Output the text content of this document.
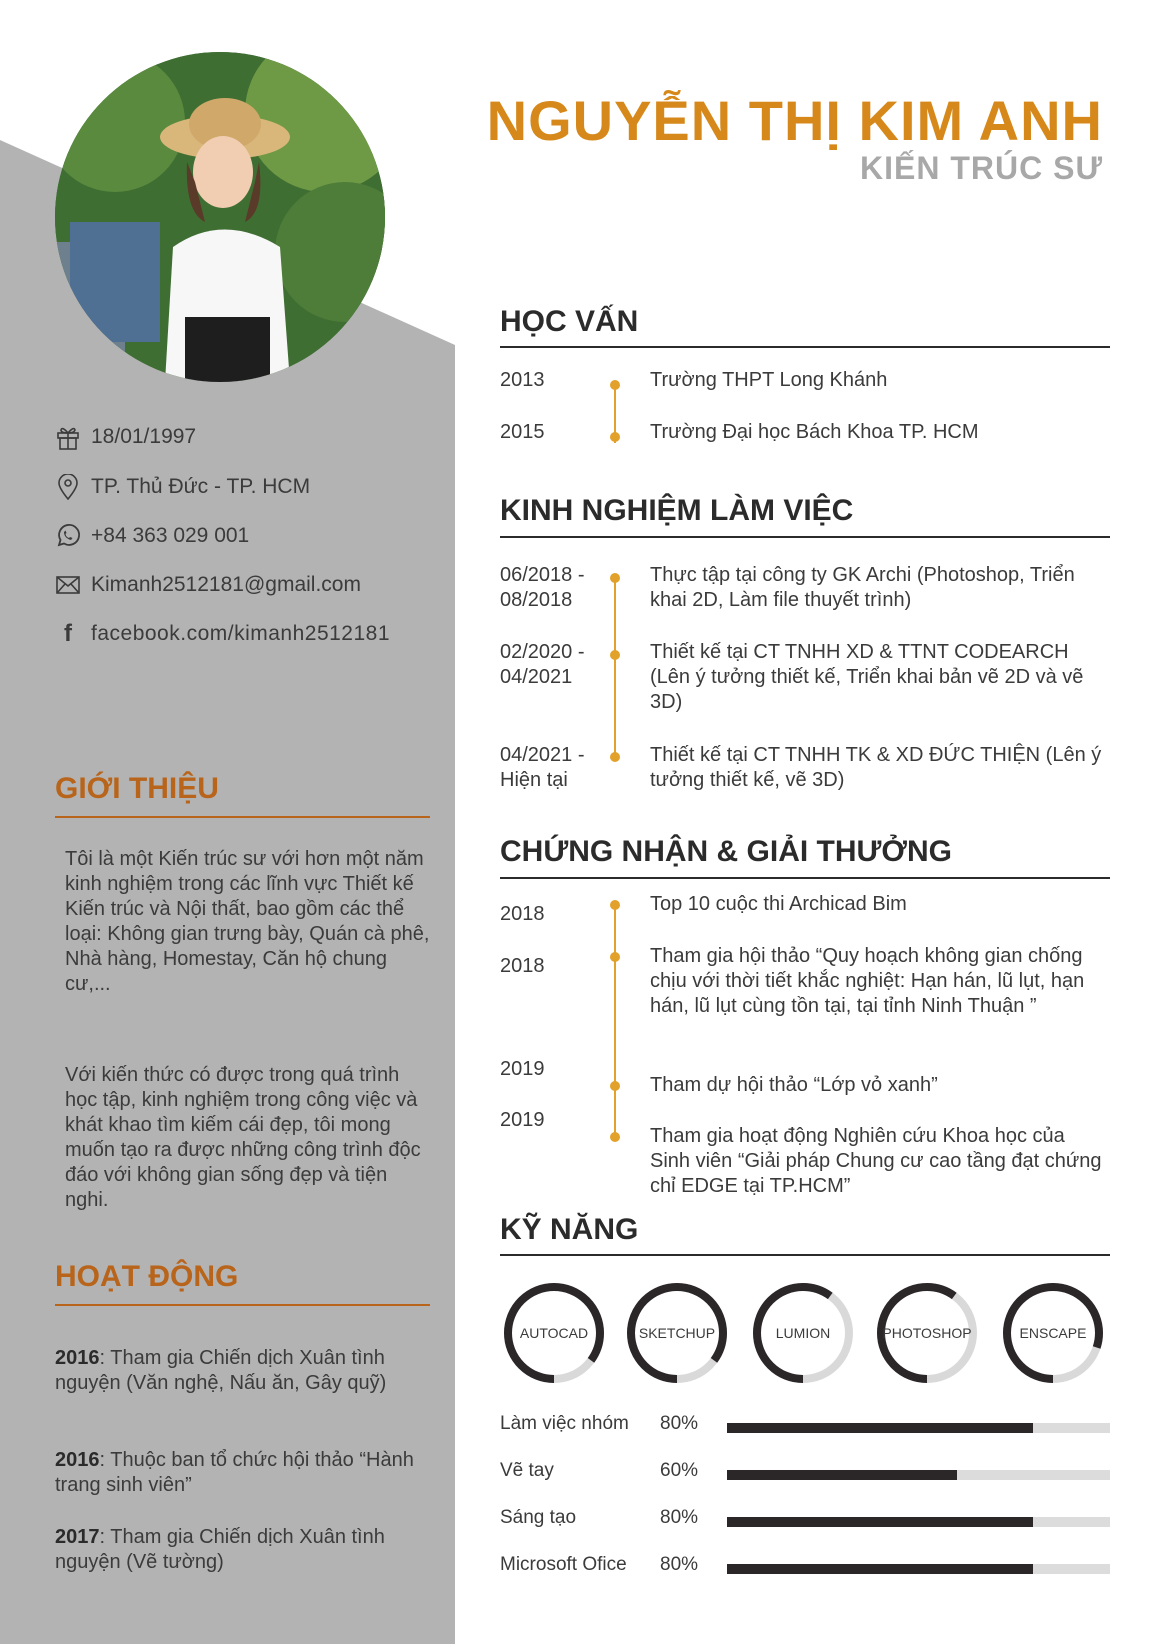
NGUYỄN THỊ KIM ANH
KIẾN TRÚC SƯ
18/01/1997
TP. Thủ Đức - TP. HCM
+84 363 029 001
Kimanh2512181@gmail.com
f facebook.com/kimanh2512181
GIỚI THIỆU
Tôi là một Kiến trúc sư với hơn một năm kinh nghiệm trong các lĩnh vực Thiết kế Kiến trúc và Nội thất, bao gồm các thể loại: Không gian trưng bày, Quán cà phê, Nhà hàng, Homestay, Căn hộ chung cư,...
Với kiến thức có được trong quá trình học tập, kinh nghiệm trong công việc và khát khao tìm kiếm cái đẹp, tôi mong muốn tạo ra được những công trình độc đáo với không gian sống đẹp và tiện nghi.
HOẠT ĐỘNG
2016: Tham gia Chiến dịch Xuân tình nguyện (Văn nghệ, Nấu ăn, Gây quỹ)
2016: Thuộc ban tổ chức hội thảo “Hành trang sinh viên”
2017: Tham gia Chiến dịch Xuân tình nguyện (Vẽ tường)
HỌC VẤN
2013	Trường THPT Long Khánh
2015	Trường Đại học Bách Khoa TP. HCM
KINH NGHIỆM LÀM VIỆC
06/2018 - 08/2018
Thực tập tại công ty GK Archi (Photoshop, Triển khai 2D, Làm file thuyết trình)
02/2020 - 04/2021
Thiết kế tại CT TNHH XD & TTNT CODEARCH (Lên ý tưởng thiết kế, Triển khai bản vẽ 2D và vẽ 3D)
04/2021 - Hiện tại
Thiết kế tại CT TNHH TK & XD ĐỨC THIỆN (Lên ý tưởng thiết kế, vẽ 3D)
CHỨNG NHẬN & GIẢI THƯỞNG
2018	Top 10 cuộc thi Archicad Bim
2018	Tham gia hội thảo “Quy hoạch không gian chống chịu với thời tiết khắc nghiệt: Hạn hán, lũ lụt, hạn hán, lũ lụt cùng tồn tại, tại tỉnh Ninh Thuận ”
2019
Tham dự hội thảo “Lớp vỏ xanh”
2019
Tham gia hoạt động Nghiên cứu Khoa học của Sinh viên “Giải pháp Chung cư cao tầng đạt chứng chỉ EDGE tại TP.HCM”
KỸ NĂNG
AUTOCAD	SKETCHUP	LUMION	PHOTOSHOP	ENSCAPE
Làm việc nhóm 80%
Vẽ tay	60%
Sáng tạo	80%
Microsoft Ofice 80%
